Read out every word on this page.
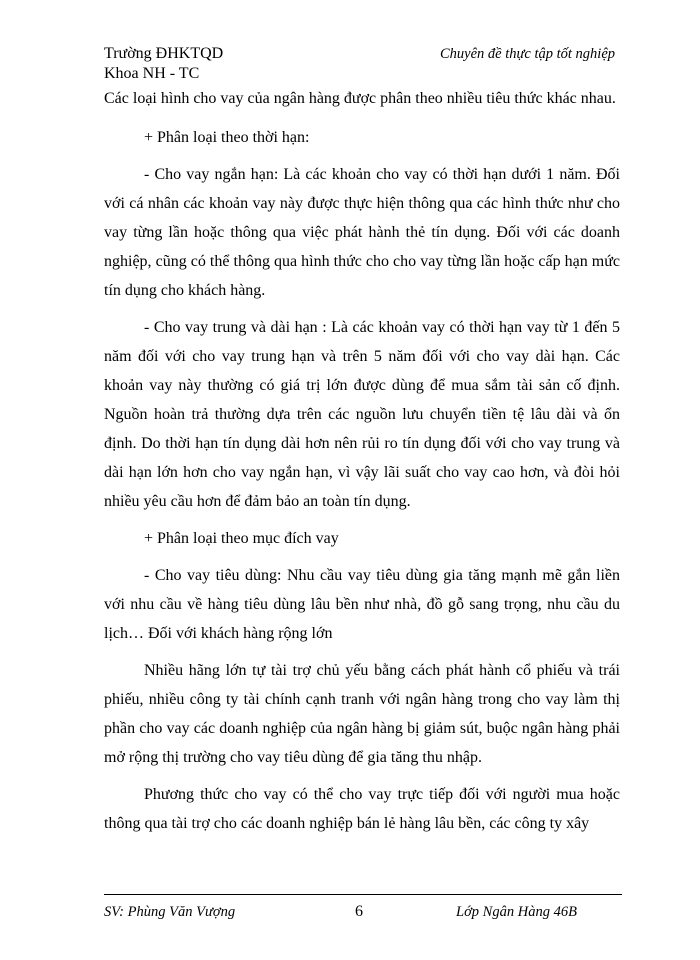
Trường ĐHKTQD
Khoa NH - TC
Chuyên đề thực tập tốt nghiệp

Các loại hình cho vay của ngân hàng được phân theo nhiều tiêu thức khác nhau.

+ Phân loại theo thời hạn:

- Cho vay ngắn hạn: Là các khoản cho vay có thời hạn dưới 1 năm. Đối với cá nhân các khoản vay này được thực hiện thông qua các hình thức như cho vay từng lần hoặc thông qua việc phát hành thẻ tín dụng. Đối với các doanh nghiệp, cũng có thể thông qua hình thức cho cho vay từng lần hoặc cấp hạn mức tín dụng cho khách hàng.

- Cho vay trung và dài hạn : Là các khoản vay có thời hạn vay từ 1 đến 5 năm đối với cho vay trung hạn và trên 5 năm đối với cho vay dài hạn. Các khoản vay này thường có giá trị lớn được dùng để mua sắm tài sản cố định. Nguồn hoàn trả thường dựa trên các nguồn lưu chuyển tiền tệ lâu dài và ổn định. Do thời hạn tín dụng dài hơn nên rủi ro tín dụng đối với cho vay trung và dài hạn lớn hơn cho vay ngắn hạn, vì vậy lãi suất cho vay cao hơn, và đòi hỏi nhiều yêu cầu hơn để đảm bảo an toàn tín dụng.

+ Phân loại theo mục đích vay

- Cho vay tiêu dùng: Nhu cầu vay tiêu dùng gia tăng mạnh mẽ gắn liền với nhu cầu về hàng tiêu dùng lâu bền như nhà, đồ gỗ sang trọng, nhu cầu du lịch… Đối với khách hàng rộng lớn

Nhiều hãng lớn tự tài trợ chủ yếu bằng cách phát hành cổ phiếu và trái phiếu, nhiều công ty tài chính cạnh tranh với ngân hàng trong cho vay làm thị phần cho vay các doanh nghiệp của ngân hàng bị giảm sút, buộc ngân hàng phải mở rộng thị trường cho vay tiêu dùng để gia tăng thu nhập.

Phương thức cho vay có thể cho vay trực tiếp đối với người mua hoặc thông qua tài trợ cho các doanh nghiệp bán lẻ hàng lâu bền, các công ty xây

SV: Phùng Văn Vượng	6	Lớp Ngân Hàng 46B
